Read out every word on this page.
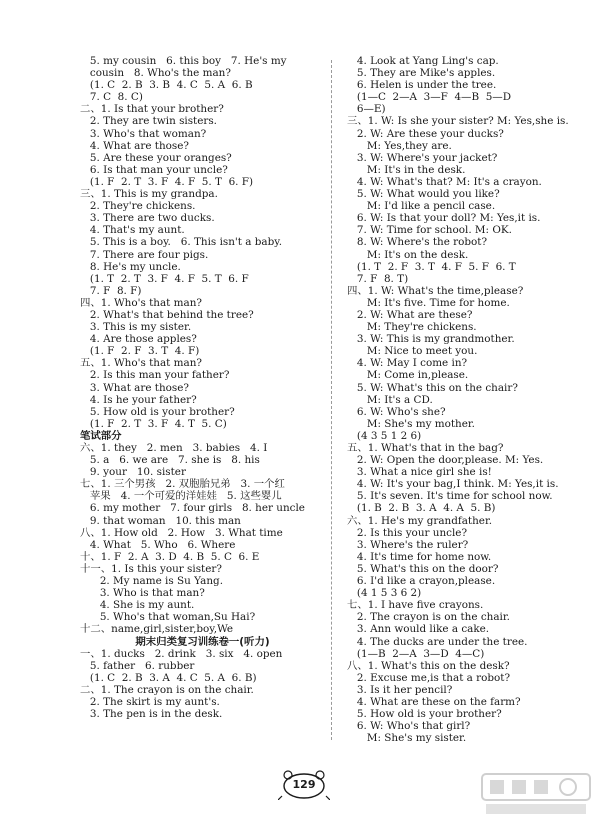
5. my cousin   6. this boy   7. He's my
cousin   8. Who's the man?
(1. C  2. B  3. B  4. C  5. A  6. B
7. C  8. C)
二、1. Is that your brother?
2. They are twin sisters.
3. Who's that woman?
4. What are those?
5. Are these your oranges?
6. Is that man your uncle?
(1. F  2. T  3. F  4. F  5. T  6. F)
三、1. This is my grandpa.
2. They're chickens.
3. There are two ducks.
4. That's my aunt.
5. This is a boy.   6. This isn't a baby.
7. There are four pigs.
8. He's my uncle.
(1. T  2. T  3. F  4. F  5. T  6. F
7. F  8. F)
四、1. Who's that man?
2. What's that behind the tree?
3. This is my sister.
4. Are those apples?
(1. F  2. F  3. T  4. F)
五、1. Who's that man?
2. Is this man your father?
3. What are those?
4. Is he your father?
5. How old is your brother?
(1. F  2. T  3. F  4. T  5. C)
笔试部分
六、1. they   2. men   3. babies   4. I
5. a   6. we are   7. she is   8. his
9. your   10. sister
七、1. 三个男孩   2. 双胞胎兄弟   3. 一个红
苹果   4. 一个可爱的洋娃娃   5. 这些婴儿
6. my mother   7. four girls   8. her uncle
9. that woman   10. this man
八、1. How old   2. How   3. What time
4. What   5. Who   6. Where
十、1. F  2. A  3. D  4. B  5. C  6. E
十一、1. Is this your sister?
2. My name is Su Yang.
3. Who is that man?
4. She is my aunt.
5. Who's that woman,Su Hai?
十二、name,girl,sister,boy,We
期末归类复习训练卷一(听力)
一、1. ducks   2. drink   3. six   4. open
5. father   6. rubber
(1. C  2. B  3. A  4. C  5. A  6. B)
二、1. The crayon is on the chair.
2. The skirt is my aunt's.
3. The pen is in the desk.
4. Look at Yang Ling's cap.
5. They are Mike's apples.
6. Helen is under the tree.
(1—C  2—A  3—F  4—B  5—D
6—E)
三、1. W: Is she your sister? M: Yes,she is.
2. W: Are these your ducks?
M: Yes,they are.
3. W: Where's your jacket?
M: It's in the desk.
4. W: What's that? M: It's a crayon.
5. W: What would you like?
M: I'd like a pencil case.
6. W: Is that your doll? M: Yes,it is.
7. W: Time for school. M: OK.
8. W: Where's the robot?
M: It's on the desk.
(1. T  2. F  3. T  4. F  5. F  6. T
7. F  8. T)
四、1. W: What's the time,please?
M: It's five. Time for home.
2. W: What are these?
M: They're chickens.
3. W: This is my grandmother.
M: Nice to meet you.
4. W: May I come in?
M: Come in,please.
5. W: What's this on the chair?
M: It's a CD.
6. W: Who's she?
M: She's my mother.
(4 3 5 1 2 6)
五、1. What's that in the bag?
2. W: Open the door,please. M: Yes.
3. What a nice girl she is!
4. W: It's your bag,I think. M: Yes,it is.
5. It's seven. It's time for school now.
(1. B  2. B  3. A  4. A  5. B)
六、1. He's my grandfather.
2. Is this your uncle?
3. Where's the ruler?
4. It's time for home now.
5. What's this on the door?
6. I'd like a crayon,please.
(4 1 5 3 6 2)
七、1. I have five crayons.
2. The crayon is on the chair.
3. Ann would like a cake.
4. The ducks are under the tree.
(1—B  2—A  3—D  4—C)
八、1. What's this on the desk?
2. Excuse me,is that a robot?
3. Is it her pencil?
4. What are these on the farm?
5. How old is your brother?
6. W: Who's that girl?
M: She's my sister.
129
